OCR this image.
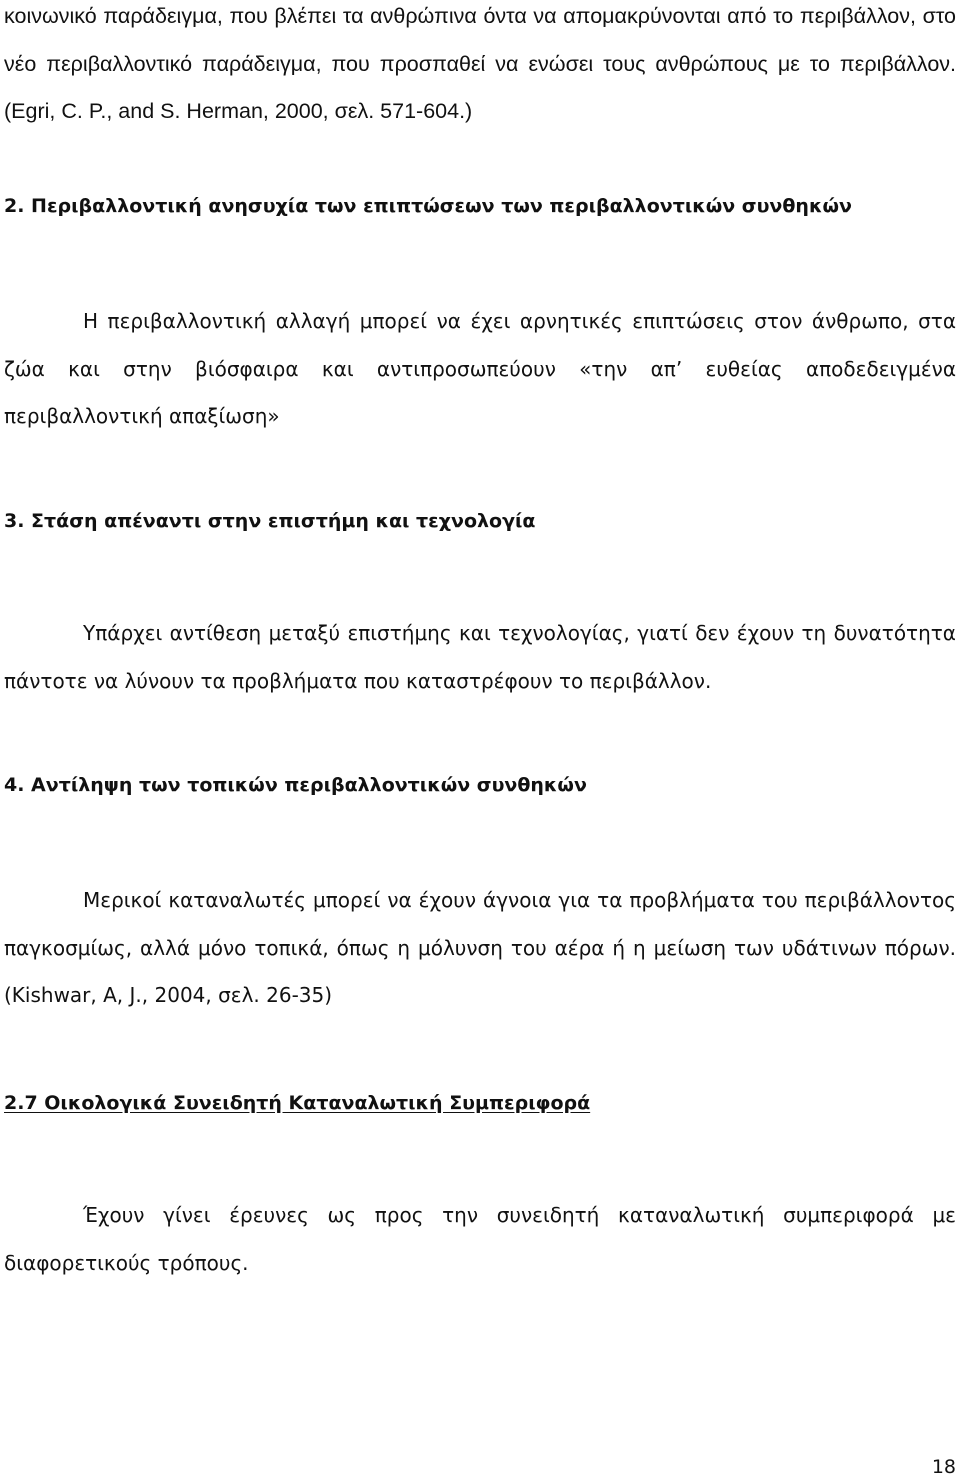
κοινωνικό παράδειγμα, που βλέπει τα ανθρώπινα όντα να απομακρύνονται από το περιβάλλον, στο νέο περιβαλλοντικό παράδειγμα, που προσπαθεί να ενώσει τους ανθρώπους με το περιβάλλον. (Egri, C. P., and S. Herman, 2000, σελ. 571-604.)

2. Περιβαλλοντική ανησυχία των επιπτώσεων των περιβαλλοντικών συνθηκών

Η περιβαλλοντική αλλαγή μπορεί να έχει αρνητικές επιπτώσεις στον άνθρωπο, στα ζώα και στην βιόσφαιρα και αντιπροσωπεύουν «την απ’ ευθείας αποδεδειγμένα περιβαλλοντική απαξίωση»

3. Στάση απέναντι στην επιστήμη και τεχνολογία

Υπάρχει αντίθεση μεταξύ επιστήμης και τεχνολογίας, γιατί δεν έχουν τη δυνατότητα πάντοτε να λύνουν τα προβλήματα που καταστρέφουν το περιβάλλον.

4. Αντίληψη των τοπικών περιβαλλοντικών συνθηκών

Μερικοί καταναλωτές μπορεί να έχουν άγνοια για τα προβλήματα του περιβάλλοντος παγκοσμίως, αλλά μόνο τοπικά, όπως η μόλυνση του αέρα ή η μείωση των υδάτινων πόρων. (Kishwar, A, J., 2004, σελ. 26-35)

2.7 Οικολογικά Συνειδητή Καταναλωτική Συμπεριφορά

Έχουν γίνει έρευνες ως προς την συνειδητή καταναλωτική συμπεριφορά με διαφορετικούς τρόπους.

18
